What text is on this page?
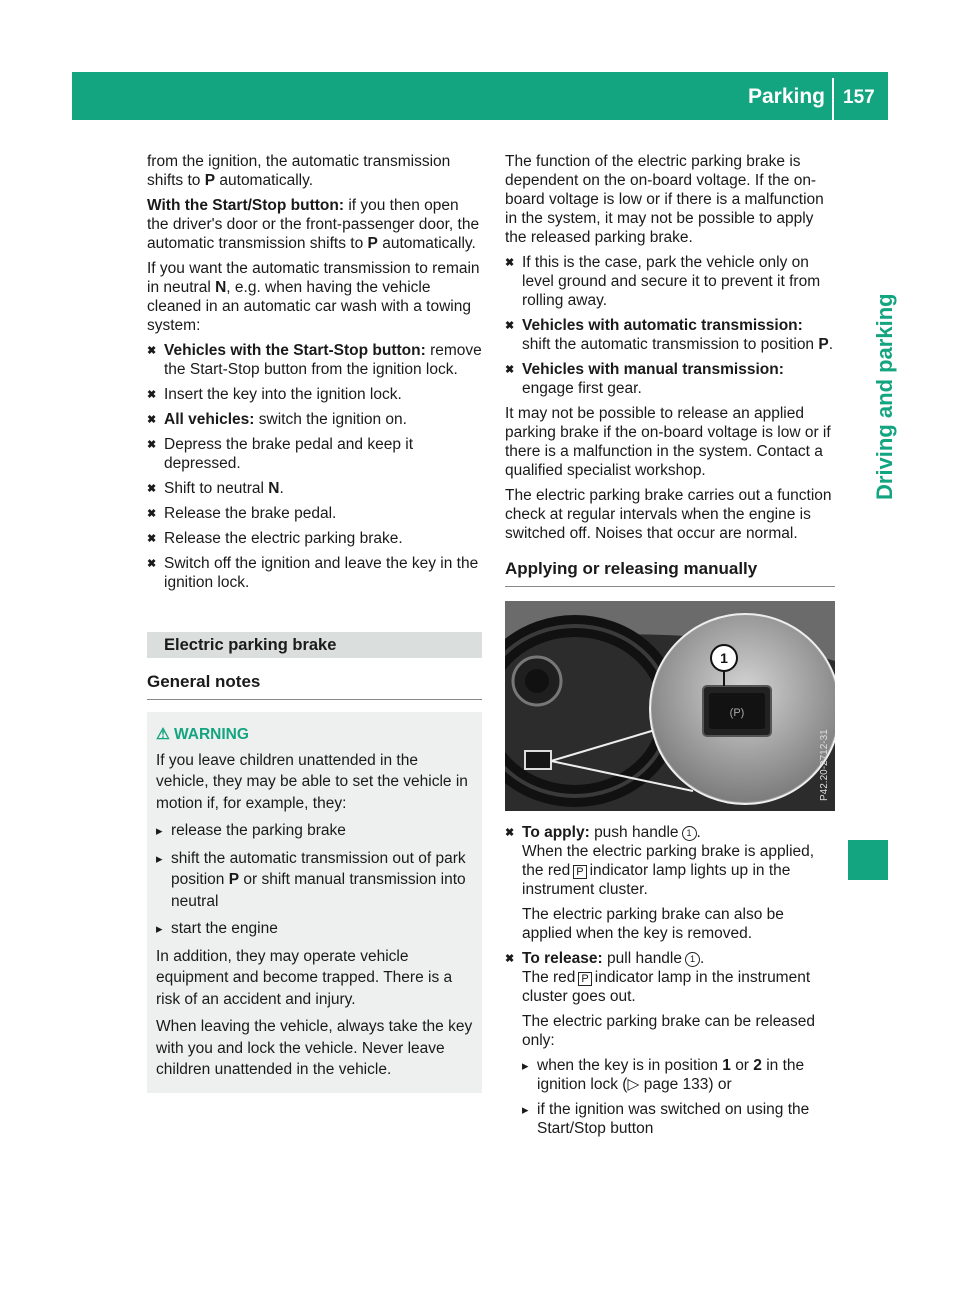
Parking 157
Driving and parking

from the ignition, the automatic transmission shifts to P automatically.

With the Start/Stop button: if you then open the driver's door or the front-passenger door, the automatic transmission shifts to P automatically.

If you want the automatic transmission to remain in neutral N, e.g. when having the vehicle cleaned in an automatic car wash with a towing system:

✖ Vehicles with the Start-Stop button: remove the Start-Stop button from the ignition lock.
✖ Insert the key into the ignition lock.
✖ All vehicles: switch the ignition on.
✖ Depress the brake pedal and keep it depressed.
✖ Shift to neutral N.
✖ Release the brake pedal.
✖ Release the electric parking brake.
✖ Switch off the ignition and leave the key in the ignition lock.
Electric parking brake
General notes
⚠ WARNING

If you leave children unattended in the vehicle, they may be able to set the vehicle in motion if, for example, they:

▸ release the parking brake
▸ shift the automatic transmission out of park position P or shift manual transmission into neutral
▸ start the engine

In addition, they may operate vehicle equipment and become trapped. There is a risk of an accident and injury.

When leaving the vehicle, always take the key with you and lock the vehicle. Never leave children unattended in the vehicle.

The function of the electric parking brake is dependent on the on-board voltage. If the on-board voltage is low or if there is a malfunction in the system, it may not be possible to apply the released parking brake.

✖ If this is the case, park the vehicle only on level ground and secure it to prevent it from rolling away.
✖ Vehicles with automatic transmission: shift the automatic transmission to position P.
✖ Vehicles with manual transmission: engage first gear.

It may not be possible to release an applied parking brake if the on-board voltage is low or if there is a malfunction in the system. Contact a qualified specialist workshop.

The electric parking brake carries out a function check at regular intervals when the engine is switched off. Noises that occur are normal.

Applying or releasing manually
(P)
1
P42.20-2712-31
✖ To apply: push handle 1 .
When the electric parking brake is applied, the red P indicator lamp lights up in the instrument cluster.

The electric parking brake can also be applied when the key is removed.
✖ To release: pull handle 1 .
The red P indicator lamp in the instrument cluster goes out.

The electric parking brake can be released only:
▸ when the key is in position 1 or 2 in the ignition lock (▷ page 133) or
▸ if the ignition was switched on using the Start/Stop button
